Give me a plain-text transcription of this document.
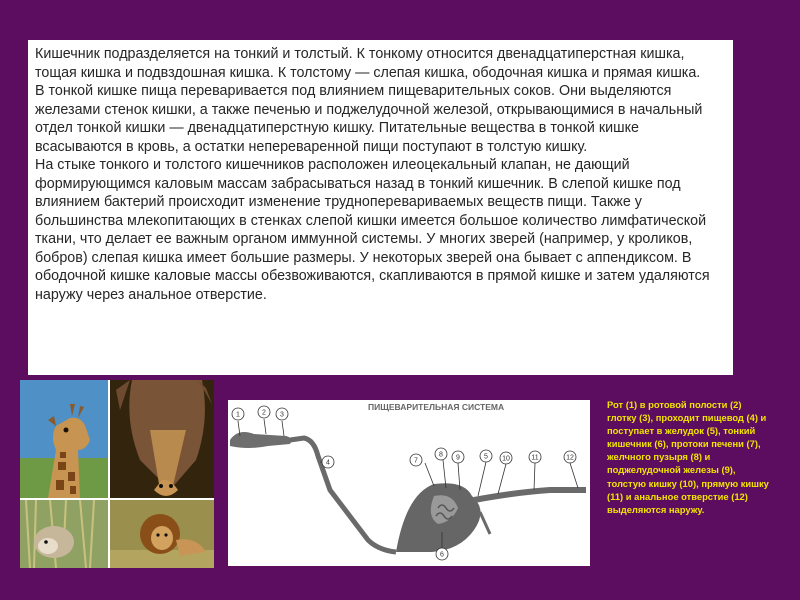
Кишечник подразделяется на тонкий и толстый. К тонкому относится двенадцатиперстная кишка, тощая кишка и подвздошная кишка. К толстому — слепая кишка, ободочная кишка и прямая кишка.

В тонкой кишке пища переваривается под влиянием пищеварительных соков. Они выделяются железами стенок кишки, а также печенью и поджелудочной железой, открывающимися в начальный отдел тонкой кишки — двенадцатиперстную кишку. Питательные вещества в тонкой кишке всасываются в кровь, а остатки непереваренной пищи поступают в толстую кишку.

На стыке тонкого и толстого кишечников расположен илеоцекальный клапан, не дающий формирующимся каловым массам забрасываться назад в тонкий кишечник. В слепой кишке под влиянием бактерий происходит изменение трудноперевариваемых веществ пищи. Также у большинства млекопитающих в стенках слепой кишки имеется большое количество лимфатической ткани, что делает ее важным органом иммунной системы. У многих зверей (например, у кроликов, бобров) слепая кишка имеет большие размеры. У некоторых зверей она бывает с аппендиксом. В ободочной кишке каловые массы обезвоживаются, скапливаются в прямой кишке и затем удаляются наружу через анальное отверстие.

ПИЩЕВАРИТЕЛЬНАЯ СИСТЕМА
1	2 3
4	7
8 9	5 10	11	12
6
Рот (1) в ротовой полости (2) глотку (3), проходит пищевод (4) и поступает в желудок (5), тонкий кишечник (6), протоки печени (7), желчного пузыря (8) и поджелудочной железы (9), толстую кишку (10), прямую кишку (11) и анальное отверстие (12) выделяются наружу.
